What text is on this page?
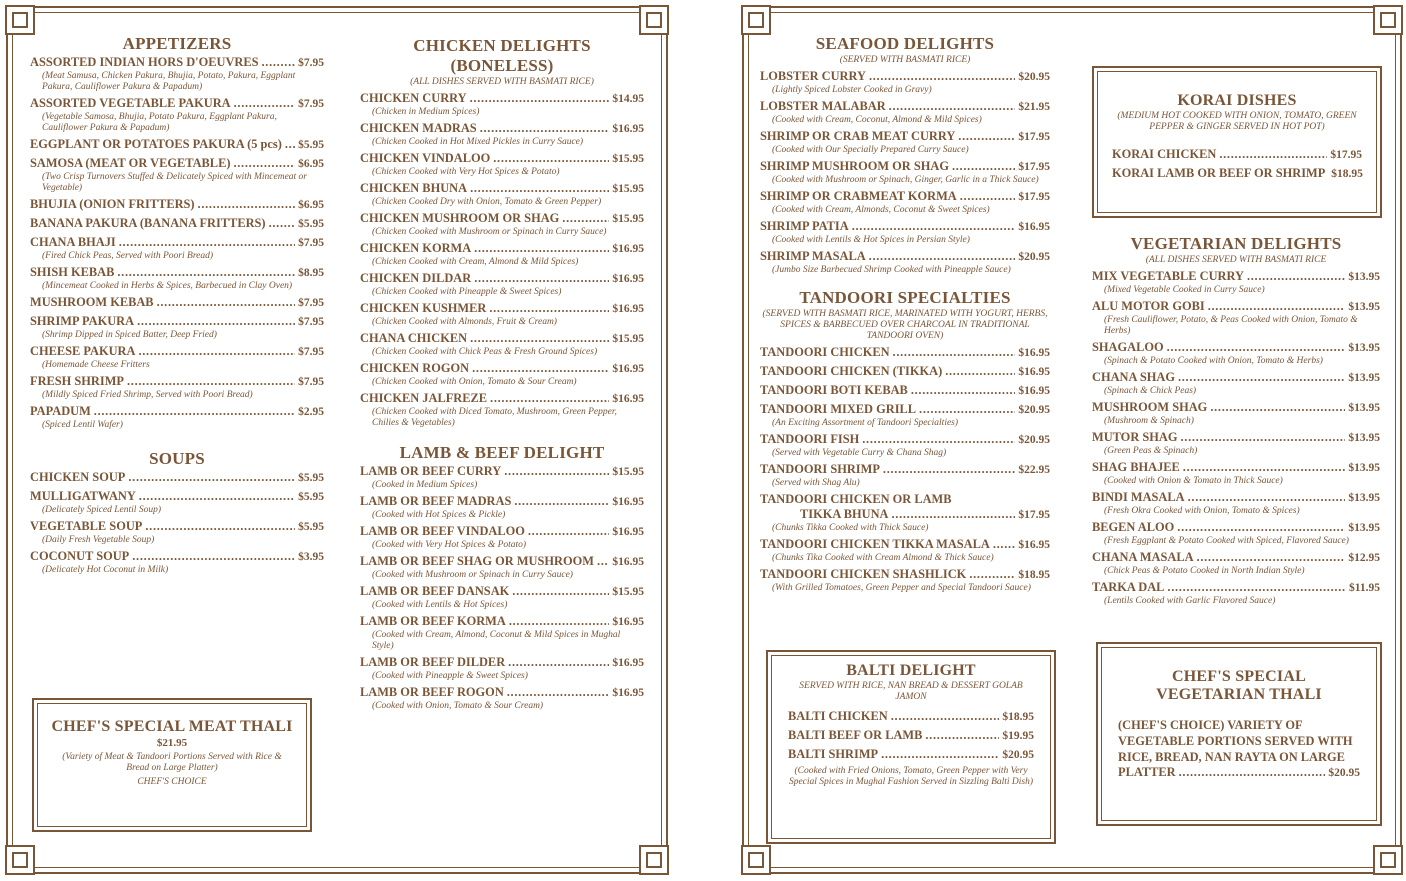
APPETIZERS
ASSORTED INDIAN HORS D'OEUVRES . . .	$7.95
(Meat Samusa, Chicken Pakura, Bhujia, Potato, Pakura, Eggplant Pakura, Cauliflower Pakura & Papadum)
ASSORTED VEGETABLE PAKURA . . .	$7.95
(Vegetable Samosa, Bhujia, Potato Pakura, Eggplant Pakura, Cauliflower Pakura & Papadum)
EGGPLANT OR POTATOES PAKURA (5 pcs) . . . $5.95
SAMOSA (MEAT OR VEGETABLE) . . .	$6.95
(Two Crisp Turnovers Stuffed & Delicately Spiced with Mincemeat or Vegetable)
BHUJIA (ONION FRITTERS) . . .	$6.95
BANANA PAKURA (BANANA FRITTERS) . . .	$5.95
CHANA BHAJI . . .	$7.95
(Fired Chick Peas, Served with Poori Bread)
SHISH KEBAB . . .	$8.95
(Mincemeat Cooked in Herbs & Spices, Barbecued in Clay Oven)
MUSHROOM KEBAB . . .	$7.95
SHRIMP PAKURA . . .	$7.95
(Shrimp Dipped in Spiced Batter, Deep Fried)
CHEESE PAKURA . . .	$7.95
(Homemade Cheese Fritters
FRESH SHRIMP . . .	$7.95
(Mildly Spiced Fried Shrimp, Served with Poori Bread)
PAPADUM . . .	$2.95
(Spiced Lentil Wafer)
SOUPS
CHICKEN SOUP . . .	$5.95
MULLIGATWANY . . .	$5.95
(Delicately Spiced Lentil Soup)
VEGETABLE SOUP . . .	$5.95
(Daily Fresh Vegetable Soup)
COCONUT SOUP . . .	$3.95
(Delicately Hot Coconut in Milk)
CHEF'S SPECIAL MEAT THALI
$21.95
(Variety of Meat & Tandoori Portions Served with Rice & Bread on Large Platter)
CHEF'S CHOICE
CHICKEN DELIGHTS (BONELESS)
(ALL DISHES SERVED WITH BASMATI RICE)
CHICKEN CURRY . . .	$14.95
(Chicken in Medium Spices)
CHICKEN MADRAS . . .	$16.95
(Chicken Cooked in Hot Mixed Pickles in Curry Sauce)
CHICKEN VINDALOO . . .	$15.95
(Chicken Cooked with Very Hot Spices & Potato)
CHICKEN BHUNA . . .	$15.95
(Chicken Cooked Dry with Onion, Tomato & Green Pepper)
CHICKEN MUSHROOM OR SHAG . . .	$15.95
(Chicken Cooked with Mushroom or Spinach in Curry Sauce)
CHICKEN KORMA . . .	$16.95
(Chicken Cooked with Cream, Almond & Mild Spices)
CHICKEN DILDAR . . .	$16.95
(Chicken Cooked with Pineapple & Sweet Spices)
CHICKEN KUSHMER . . .	$16.95
(Chicken Cooked with Almonds, Fruit & Cream)
CHANA CHICKEN . . .	$15.95
(Chicken Cooked with Chick Peas & Fresh Ground Spices)
CHICKEN ROGON . . .	$16.95
(Chicken Cooked with Onion, Tomato & Sour Cream)
CHICKEN JALFREZE . . .	$16.95
(Chicken Cooked with Diced Tomato, Mushroom, Green Pepper, Chilies & Vegetables)
LAMB & BEEF DELIGHT
LAMB OR BEEF CURRY . . .	$15.95
(Cooked in Medium Spices)
LAMB OR BEEF MADRAS . . .	$16.95
(Cooked with Hot Spices & Pickle)
LAMB OR BEEF VINDALOO . . .	$16.95
(Cooked with Very Hot Spices & Potato)
LAMB OR BEEF SHAG OR MUSHROOM . . . $16.95
(Cooked with Mushroom or Spinach in Curry Sauce)
LAMB OR BEEF DANSAK . . .	$15.95
(Cooked with Lentils & Hot Spices)
LAMB OR BEEF KORMA . . .	$16.95
(Cooked with Cream, Almond, Coconut & Mild Spices in Mughal Style)
LAMB OR BEEF DILDER . . .	$16.95
(Cooked with Pineapple & Sweet Spices)
LAMB OR BEEF ROGON . . .	$16.95
(Cooked with Onion, Tomato & Sour Cream)
SEAFOOD DELIGHTS
(SERVED WITH BASMATI RICE)
LOBSTER CURRY . . .	$20.95
(Lightly Spiced Lobster Cooked in Gravy)
LOBSTER MALABAR . . .	$21.95
(Cooked with Cream, Coconut, Almond & Mild Spices)
SHRIMP OR CRAB MEAT CURRY . . .	$17.95
(Cooked with Our Specially Prepared Curry Sauce)
SHRIMP MUSHROOM OR SHAG . . .	$17.95
(Cooked with Mushroom or Spinach, Ginger, Garlic in a Thick Sauce)
SHRIMP OR CRABMEAT KORMA . . .	$17.95
(Cooked with Cream, Almonds, Coconut & Sweet Spices)
SHRIMP PATIA . . .	$16.95
(Cooked with Lentils & Hot Spices in Persian Style)
SHRIMP MASALA . . .	$20.95
(Jumbo Size Barbecued Shrimp Cooked with Pineapple Sauce)
TANDOORI SPECIALTIES
(SERVED WITH BASMATI RICE, MARINATED WITH YOGURT, HERBS, SPICES & BARBECUED OVER CHARCOAL IN TRADITIONAL TANDOORI OVEN)
TANDOORI CHICKEN . . .	$16.95
TANDOORI CHICKEN (TIKKA) . . .	$16.95
TANDOORI BOTI KEBAB . . .	$16.95
TANDOORI MIXED GRILL . . .	$20.95
(An Exciting Assortment of Tandoori Specialties)
TANDOORI FISH . . .	$20.95
(Served with Vegetable Curry & Chana Shag)
TANDOORI SHRIMP . . .	$22.95
(Served with Shag Alu)
TANDOORI CHICKEN OR LAMB
TIKKA BHUNA . . .	$17.95
(Chunks Tikka Cooked with Thick Sauce)
TANDOORI CHICKEN TIKKA MASALA . . . $16.95
(Chunks Tika Cooked with Cream Almond & Thick Sauce)
TANDOORI CHICKEN SHASHLICK . . .	$18.95
(With Grilled Tomatoes, Green Pepper and Special Tandoori Sauce)
BALTI DELIGHT
SERVED WITH RICE, NAN BREAD & DESSERT GOLAB JAMON
BALTI CHICKEN . . .	$18.95
BALTI BEEF OR LAMB . . .	$19.95
BALTI SHRIMP . . .	$20.95
(Cooked with Fried Onions, Tomato, Green Pepper with Very Special Spices in Mughal Fashion Served in Sizzling Balti Dish)
KORAI DISHES
(MEDIUM HOT COOKED WITH ONION, TOMATO, GREEN PEPPER & GINGER SERVED IN HOT POT)
KORAI CHICKEN . . .	$17.95
KORAI LAMB OR BEEF OR SHRIMP $18.95
VEGETARIAN DELIGHTS
(ALL DISHES SERVED WITH BASMATI RICE
MIX VEGETABLE CURRY . . .	$13.95
(Mixed Vegetable Cooked in Curry Sauce)
ALU MOTOR GOBI . . .	$13.95
(Fresh Cauliflower, Potato, & Peas Cooked with Onion, Tomato & Herbs)
SHAGALOO . . .	$13.95
(Spinach & Potato Cooked with Onion, Tomato & Herbs)
CHANA SHAG . . .	$13.95
(Spinach & Chick Peas)
MUSHROOM SHAG . . .	$13.95
(Mushroom & Spinach)
MUTOR SHAG . . .	$13.95
(Green Peas & Spinach)
SHAG BHAJEE . . .	$13.95
(Cooked with Onion & Tomato in Thick Sauce)
BINDI MASALA . . .	$13.95
(Fresh Okra Cooked with Onion, Tomato & Spices)
BEGEN ALOO . . .	$13.95
(Fresh Eggplant & Potato Cooked with Spiced, Flavored Sauce)
CHANA MASALA . . .	$12.95
(Chick Peas & Potato Cooked in North Indian Style)
TARKA DAL . . .	$11.95
(Lentils Cooked with Garlic Flavored Sauce)
CHEF'S SPECIAL
VEGETARIAN THALI
(CHEF'S CHOICE) VARIETY OF VEGETABLE PORTIONS SERVED WITH RICE, BREAD, NAN RAYTA ON LARGE
PLATTER . . .	$20.95
